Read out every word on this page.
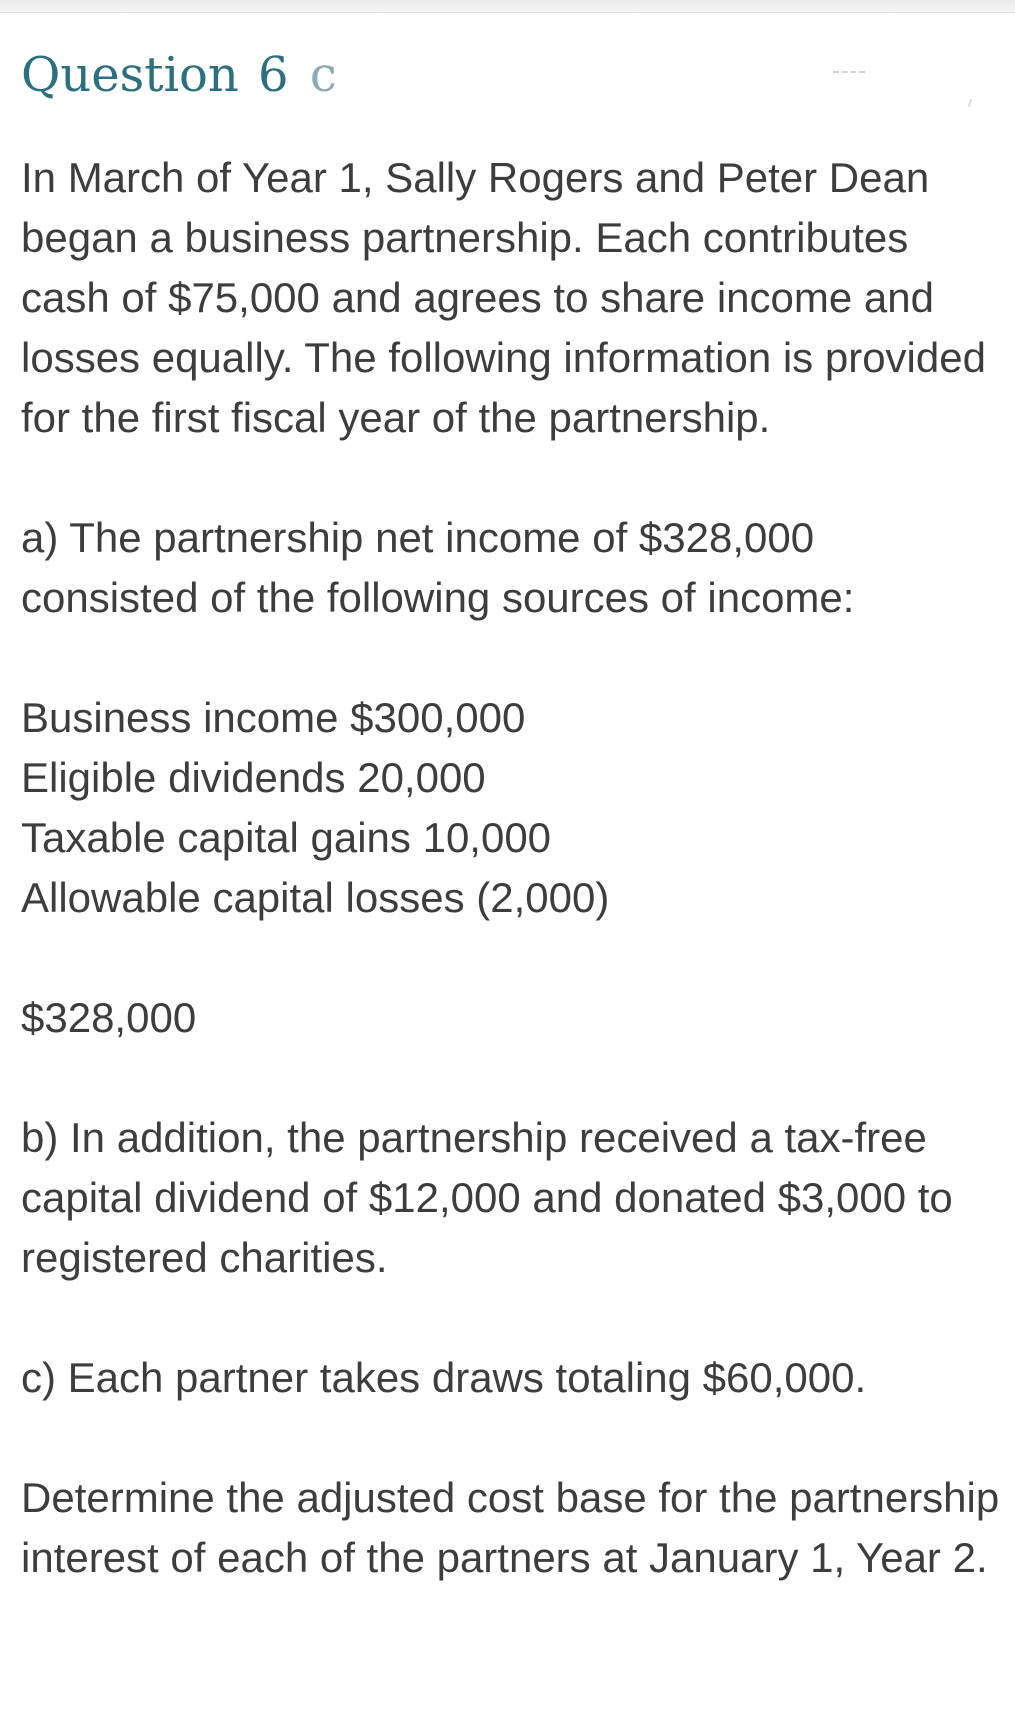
Question 6 c

In March of Year 1, Sally Rogers and Peter Dean began a business partnership. Each contributes cash of $75,000 and agrees to share income and losses equally. The following information is provided for the first fiscal year of the partnership.

a) The partnership net income of $328,000 consisted of the following sources of income:

Business income $300,000
Eligible dividends 20,000
Taxable capital gains 10,000
Allowable capital losses (2,000)

$328,000

b) In addition, the partnership received a tax-free capital dividend of $12,000 and donated $3,000 to registered charities.

c) Each partner takes draws totaling $60,000.

Determine the adjusted cost base for the partnership interest of each of the partners at January 1, Year 2.
